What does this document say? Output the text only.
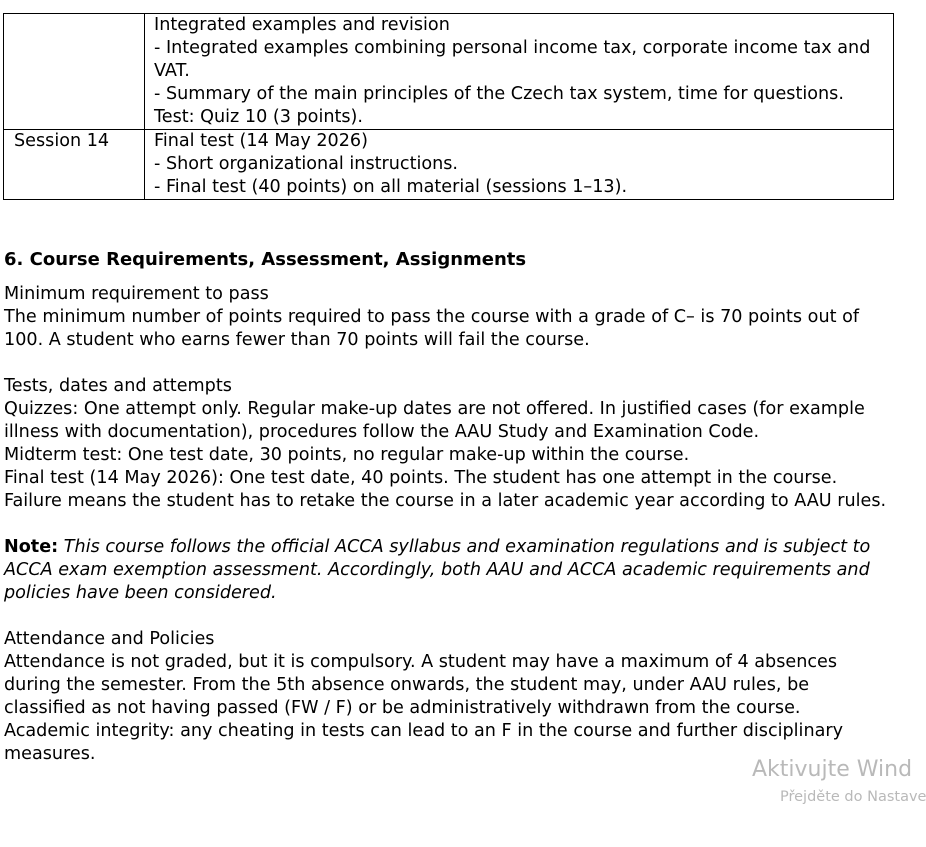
	Integrated examples and revision
- Integrated examples combining personal income tax, corporate income tax and VAT.
- Summary of the main principles of the Czech tax system, time for questions.
Test: Quiz 10 (3 points).

Session 14	Final test (14 May 2026)
- Short organizational instructions.
- Final test (40 points) on all material (sessions 1–13).
6. Course Requirements, Assessment, Assignments
Minimum requirement to pass
The minimum number of points required to pass the course with a grade of C– is 70 points out of 100. A student who earns fewer than 70 points will fail the course.
Tests, dates and attempts
Quizzes: One attempt only. Regular make-up dates are not offered. In justified cases (for example illness with documentation), procedures follow the AAU Study and Examination Code.
Midterm test: One test date, 30 points, no regular make-up within the course.
Final test (14 May 2026): One test date, 40 points. The student has one attempt in the course. Failure means the student has to retake the course in a later academic year according to AAU rules.
Note: This course follows the official ACCA syllabus and examination regulations and is subject to ACCA exam exemption assessment. Accordingly, both AAU and ACCA academic requirements and policies have been considered.
Attendance and Policies
Attendance is not graded, but it is compulsory. A student may have a maximum of 4 absences during the semester. From the 5th absence onwards, the student may, under AAU rules, be classified as not having passed (FW / F) or be administratively withdrawn from the course.
Academic integrity: any cheating in tests can lead to an F in the course and further disciplinary measures.
Aktivujte Wind
Přejděte do Nastave
